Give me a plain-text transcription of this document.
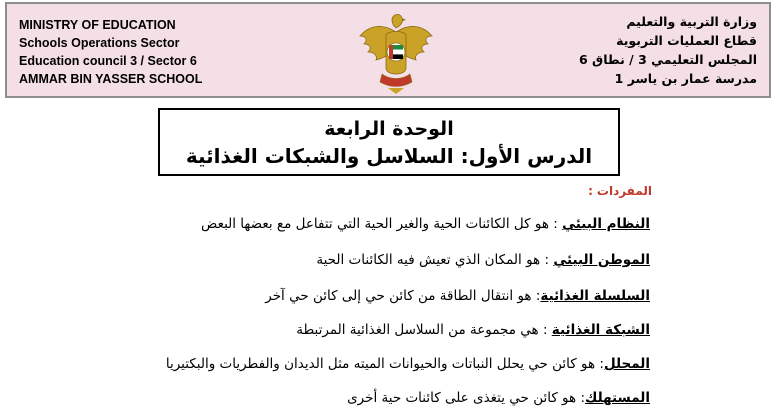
MINISTRY OF EDUCATION
Schools Operations Sector
Education council 3 / Sector 6
AMMAR BIN YASSER SCHOOL
وزارة التربية والتعليم
قطاع العمليات التربوية
المجلس التعليمي 3 / نطاق 6
مدرسة عمار بن ياسر 1
الوحدة الرابعة
الدرس الأول: السلاسل والشبكات الغذائية
المفردات:
النظام البيئي : هو كل الكائنات الحية والغير الحية التي تتفاعل مع بعضها البعض
الموطن البيئي : هو المكان الذي تعيش فيه الكائنات الحية
السلسلة الغذائية: هو انتقال الطاقة من كائن حي إلى كائن حي آخر
الشبكة الغذائية : هي مجموعة من السلاسل الغذائية المرتبطة
المحلل: هو كائن حي يحلل النباتات والحيوانات الميته مثل الديدان والفطريات والبكتيريا
المستهلك: هو كائن حي يتغذى على كائنات حية أخرى
